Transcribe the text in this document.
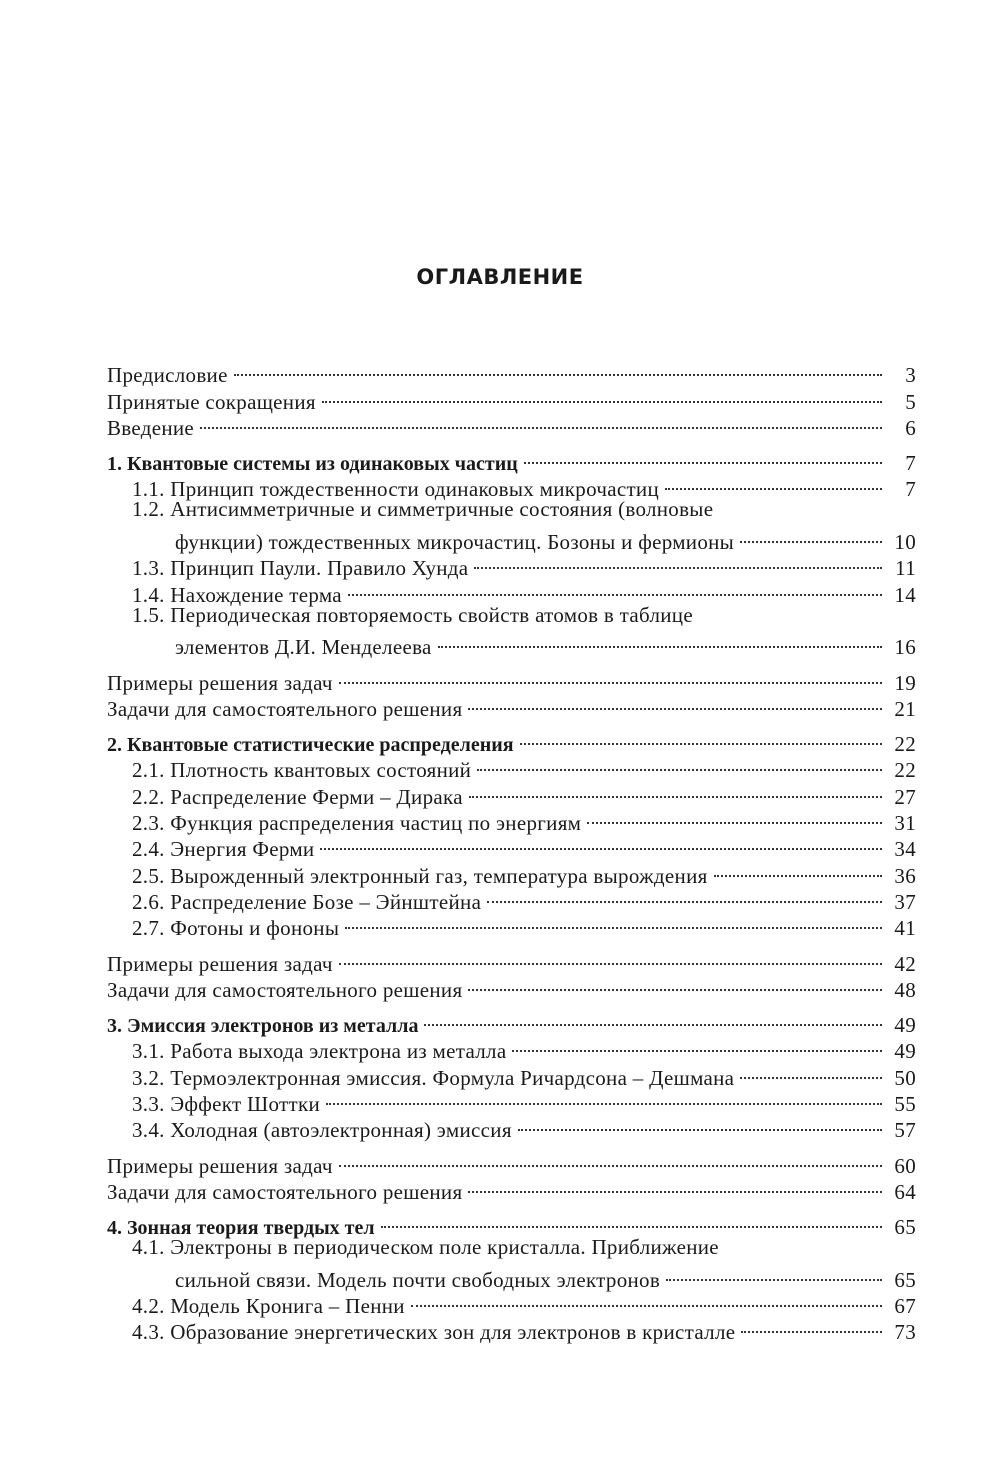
ОГЛАВЛЕНИЕ
Предисловие	3
Принятые сокращения	5
Введение	6
1. Квантовые системы из одинаковых частиц	7
1.1. Принцип тождественности одинаковых микрочастиц	7
1.2. Антисимметричные и симметричные состояния (волновые
функции) тождественных микрочастиц. Бозоны и фермионы	10
1.3. Принцип Паули. Правило Хунда	11
1.4. Нахождение терма	14
1.5. Периодическая повторяемость свойств атомов в таблице
элементов Д.И. Менделеева	16
Примеры решения задач	19
Задачи для самостоятельного решения	21
2. Квантовые статистические распределения	22
2.1. Плотность квантовых состояний	22
2.2. Распределение Ферми – Дирака	27
2.3. Функция распределения частиц по энергиям	31
2.4. Энергия Ферми	34
2.5. Вырожденный электронный газ, температура вырождения	36
2.6. Распределение Бозе – Эйнштейна	37
2.7. Фотоны и фононы	41
Примеры решения задач	42
Задачи для самостоятельного решения	48
3. Эмиссия электронов из металла	49
3.1. Работа выхода электрона из металла	49
3.2. Термоэлектронная эмиссия. Формула Ричардсона – Дешмана	50
3.3. Эффект Шоттки	55
3.4. Холодная (автоэлектронная) эмиссия	57
Примеры решения задач	60
Задачи для самостоятельного решения	64
4. Зонная теория твердых тел	65
4.1. Электроны в периодическом поле кристалла. Приближение
сильной связи. Модель почти свободных электронов	65
4.2. Модель Кронига – Пенни	67
4.3. Образование энергетических зон для электронов в кристалле	73
